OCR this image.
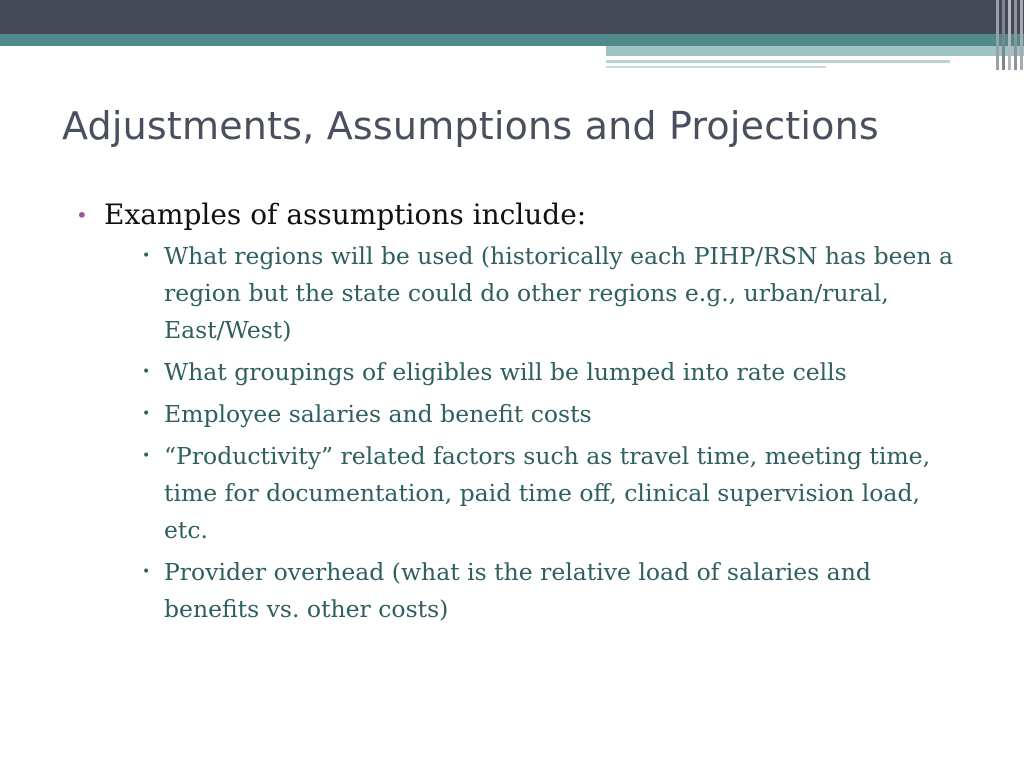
Adjustments, Assumptions and Projections
• Examples of assumptions include:
• What regions will be used (historically each PIHP/RSN has been a region but the state could do other regions e.g., urban/rural, East/West)
• What groupings of eligibles will be lumped into rate cells
• Employee salaries and benefit costs
• “Productivity” related factors such as travel time, meeting time, time for documentation, paid time off, clinical supervision load, etc.
• Provider overhead (what is the relative load of salaries and benefits vs. other costs)
